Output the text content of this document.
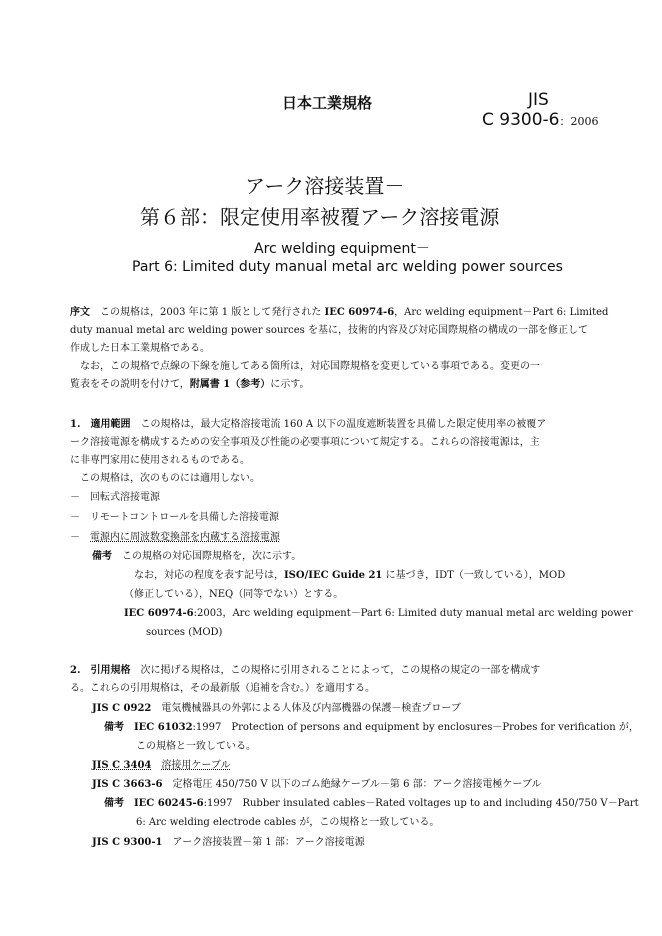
日本工業規格	JIS
C 9300-6：2006
アーク溶接装置－
第６部：限定使用率被覆アーク溶接電源
Arc welding equipment－
Part 6: Limited duty manual metal arc welding power sources
序文　 この規格は，2003 年に第 1 版として発行された IEC 60974-6，Arc welding equipment－Part 6: Limited
duty manual metal arc welding power sources を基に，技術的内容及び対応国際規格の構成の一部を修正して
作成した日本工業規格である。
なお，この規格で点線の下線を施してある箇所は，対応国際規格を変更している事項である。変更の一
覧表をその説明を付けて，附属書 1（参考）に示す。
1.　 適用範囲　 この規格は，最大定格溶接電流 160 A 以下の温度遮断装置を具備した限定使用率の被覆ア
ーク溶接電源を構成するための安全事項及び性能の必要事項について規定する。これらの溶接電源は，主
に非専門家用に使用されるものである。
この規格は，次のものには適用しない。
－　 回転式溶接電源
－　 リモートコントロールを具備した溶接電源
－　 電源内に周波数変換部を内蔵する溶接電源
備考　 この規格の対応国際規格を，次に示す。
なお，対応の程度を表す記号は，ISO/IEC Guide 21 に基づき，IDT（一致している），MOD
（修正している），NEQ（同等でない）とする。
IEC 60974-6:2003，Arc welding equipment－Part 6: Limited duty manual metal arc welding power
sources (MOD)
2.　 引用規格　 次に掲げる規格は，この規格に引用されることによって，この規格の規定の一部を構成す
る。これらの引用規格は，その最新版（追補を含む。）を適用する。
JIS C 0922　 電気機械器具の外郭による人体及び内部機器の保護－検査プローブ
備考　 IEC 61032:1997　Protection of persons and equipment by enclosures－Probes for verification が，
この規格と一致している。
JIS C 3404　 溶接用ケーブル
JIS C 3663-6　 定格電圧 450/750 V 以下のゴム絶縁ケーブル－第 6 部：アーク溶接電極ケーブル
備考　 IEC 60245-6:1997　Rubber insulated cables－Rated voltages up to and including 450/750 V－Part
6: Arc welding electrode cables が，この規格と一致している。
JIS C 9300-1　 アーク溶接装置－第 1 部：アーク溶接電源
